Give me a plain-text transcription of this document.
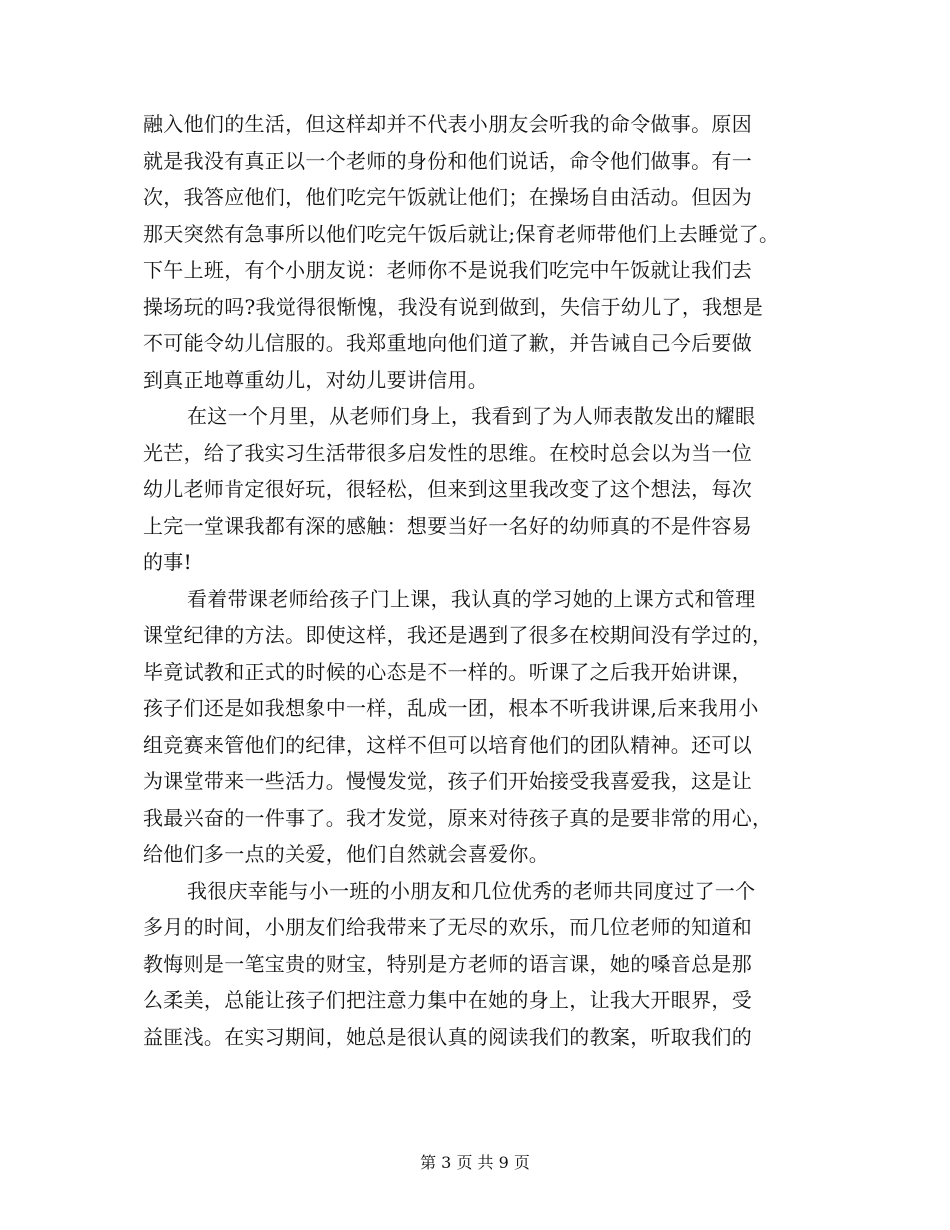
融入他们的生活，但这样却并不代表小朋友会听我的命令做事。原因
就是我没有真正以一个老师的身份和他们说话，命令他们做事。有一
次，我答应他们，他们吃完午饭就让他们；在操场自由活动。但因为
那天突然有急事所以他们吃完午饭后就让;保育老师带他们上去睡觉了。
下午上班，有个小朋友说：老师你不是说我们吃完中午饭就让我们去
操场玩的吗?我觉得很惭愧，我没有说到做到，失信于幼儿了，我想是
不可能令幼儿信服的。我郑重地向他们道了歉，并告诫自己今后要做
到真正地尊重幼儿，对幼儿要讲信用。
在这一个月里，从老师们身上，我看到了为人师表散发出的耀眼
光芒，给了我实习生活带很多启发性的思维。在校时总会以为当一位
幼儿老师肯定很好玩，很轻松，但来到这里我改变了这个想法，每次
上完一堂课我都有深的感触：想要当好一名好的幼师真的不是件容易
的事!
看着带课老师给孩子门上课，我认真的学习她的上课方式和管理
课堂纪律的方法。即使这样，我还是遇到了很多在校期间没有学过的，
毕竟试教和正式的时候的心态是不一样的。听课了之后我开始讲课，
孩子们还是如我想象中一样，乱成一团，根本不听我讲课,后来我用小
组竞赛来管他们的纪律，这样不但可以培育他们的团队精神。还可以
为课堂带来一些活力。慢慢发觉，孩子们开始接受我喜爱我，这是让
我最兴奋的一件事了。我才发觉，原来对待孩子真的是要非常的用心，
给他们多一点的关爱，他们自然就会喜爱你。
我很庆幸能与小一班的小朋友和几位优秀的老师共同度过了一个
多月的时间，小朋友们给我带来了无尽的欢乐，而几位老师的知道和
教悔则是一笔宝贵的财宝，特别是方老师的语言课，她的嗓音总是那
么柔美，总能让孩子们把注意力集中在她的身上，让我大开眼界，受
益匪浅。在实习期间，她总是很认真的阅读我们的教案，听取我们的
第 3 页 共 9 页
